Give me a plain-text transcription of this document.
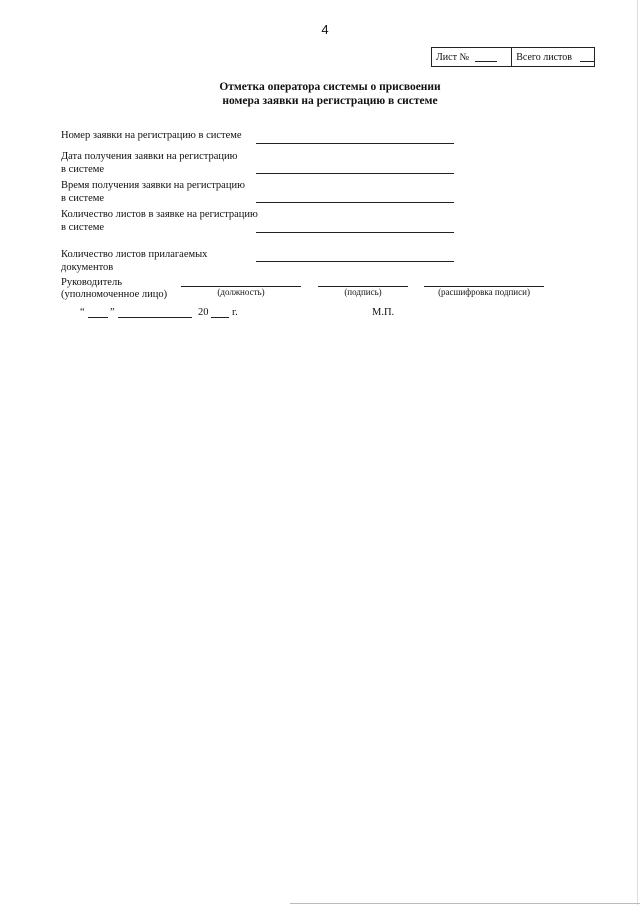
4
Лист №	Всего листов
Отметка оператора системы о присвоении
номера заявки на регистрацию в системе
Номер заявки на регистрацию в системе
Дата получения заявки на регистрацию
в системе
Время получения заявки на регистрацию
в системе
Количество листов в заявке на регистрацию
в системе
Количество листов прилагаемых документов
Руководитель
(уполномоченное лицо)	(должность)	(подпись)	(расшифровка подписи)
“ ”	20 г.	М.П.
